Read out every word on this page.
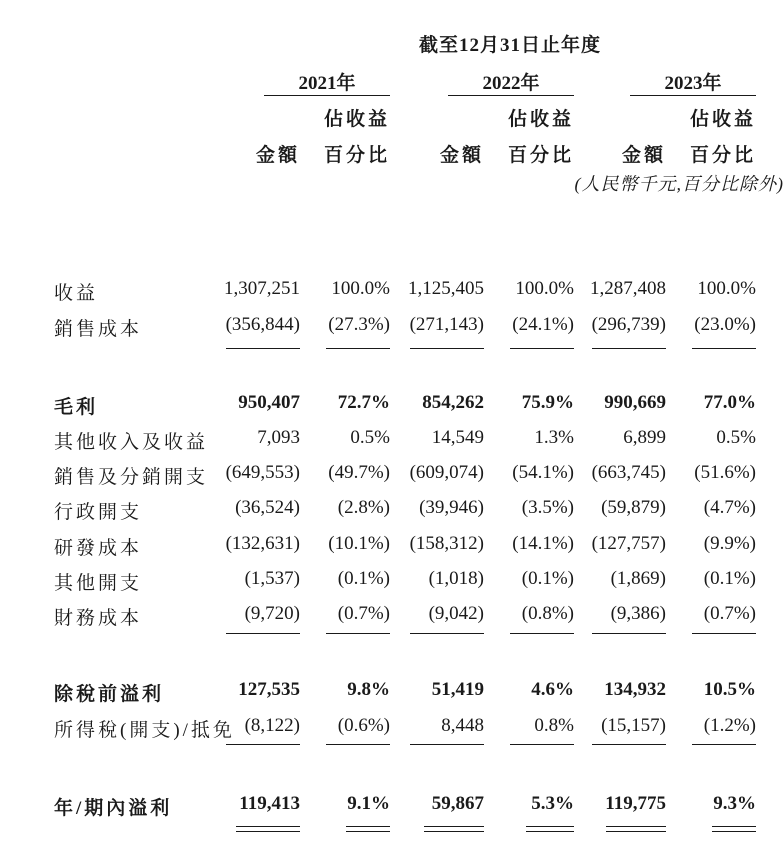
截至12月31日止年度
2021年	2022年	2023年
佔收益	佔收益	佔收益
金額	百分比	金額	百分比	金額	百分比
(人民幣千元,百分比除外)
收益	1,307,251	100.0% 1,125,405	100.0% 1,287,408	100.0%
銷售成本	(356,844)	(27.3%)	(271,143)	(24.1%) (296,739)	(23.0%)
毛利	950,407	72.7%	854,262	75.9%	990,669	77.0%
其他收入及收益	7,093	0.5%	14,549	1.3%	6,899	0.5%
銷售及分銷開支 (649,553)	(49.7%)	(609,074)	(54.1%) (663,745)	(51.6%)
行政開支	(36,524)	(2.8%)	(39,946)	(3.5%)	(59,879)	(4.7%)
研發成本	(132,631)	(10.1%)	(158,312)	(14.1%) (127,757)	(9.9%)
其他開支	(1,537)	(0.1%)	(1,018)	(0.1%)	(1,869)	(0.1%)
財務成本	(9,720)	(0.7%)	(9,042)	(0.8%)	(9,386)	(0.7%)
除稅前溢利	127,535	9.8%	51,419	4.6%	134,932	10.5%
所得稅(開支)/抵免 (8,122)	(0.6%)	8,448	0.8%	(15,157)	(1.2%)
年/期內溢利	119,413	9.1%	59,867	5.3%	119,775	9.3%
